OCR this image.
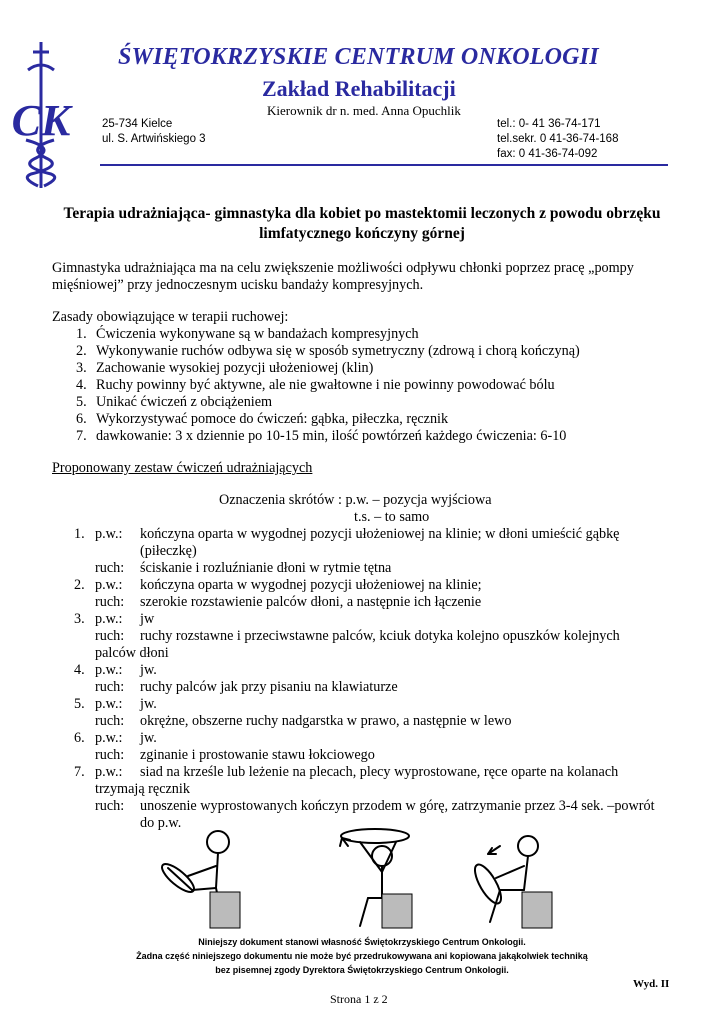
CK
ŚWIĘTOKRZYSKIE CENTRUM ONKOLOGII
Zakład Rehabilitacji
Kierownik dr n. med. Anna Opuchlik
25-734 Kielce
ul. S. Artwińskiego 3
tel.: 0- 41 36-74-171
tel.sekr. 0 41-36-74-168
fax: 0 41-36-74-092
Terapia udrażniająca- gimnastyka dla kobiet po mastektomii leczonych z powodu obrzęku limfatycznego kończyny górnej
Gimnastyka udrażniająca ma na celu zwiększenie możliwości odpływu chłonki poprzez pracę „pompy
mięśniowej” przy jednoczesnym ucisku bandaży kompresyjnych.
Zasady obowiązujące w terapii ruchowej:
1. Ćwiczenia wykonywane są w bandażach kompresyjnych
2. Wykonywanie ruchów odbywa się w sposób symetryczny (zdrową i chorą kończyną)
3. Zachowanie wysokiej pozycji ułożeniowej (klin)
4. Ruchy powinny być aktywne, ale nie gwałtowne i nie powinny powodować bólu
5. Unikać ćwiczeń z obciążeniem
6. Wykorzystywać pomoce do ćwiczeń: gąbka, piłeczka, ręcznik
7. dawkowanie: 3 x dziennie po 10-15 min, ilość powtórzeń każdego ćwiczenia: 6-10
Proponowany zestaw ćwiczeń udrażniających
Oznaczenia skrótów : p.w. – pozycja wyjściowa
t.s. – to samo
1. p.w.: kończyna oparta w wygodnej pozycji ułożeniowej na klinie; w dłoni umieścić gąbkę
(piłeczkę)
ruch: ściskanie i rozluźnianie dłoni w rytmie tętna
2. p.w.: kończyna oparta w wygodnej pozycji ułożeniowej na klinie;
ruch: szerokie rozstawienie palców dłoni, a następnie ich łączenie
3. p.w.: jw
ruch: ruchy rozstawne i przeciwstawne palców, kciuk dotyka kolejno opuszków kolejnych
palców dłoni
4. p.w.: jw.
ruch: ruchy palców jak przy pisaniu na klawiaturze
5. p.w.: jw.
ruch: okrężne, obszerne ruchy nadgarstka w prawo, a następnie w lewo
6. p.w.: jw.
ruch: zginanie i prostowanie stawu łokciowego
7. p.w.: siad na krześle lub leżenie na plecach, plecy wyprostowane, ręce oparte na kolanach
trzymają ręcznik
ruch: unoszenie wyprostowanych kończyn przodem w górę, zatrzymanie przez 3-4 sek. –powrót
do p.w.
Niniejszy dokument stanowi własność Świętokrzyskiego Centrum Onkologii.
Żadna część niniejszego dokumentu nie może być przedrukowywana ani kopiowana jakąkolwiek techniką
bez pisemnej zgody Dyrektora Świętokrzyskiego Centrum Onkologii.
Wyd. II
Strona 1 z 2
